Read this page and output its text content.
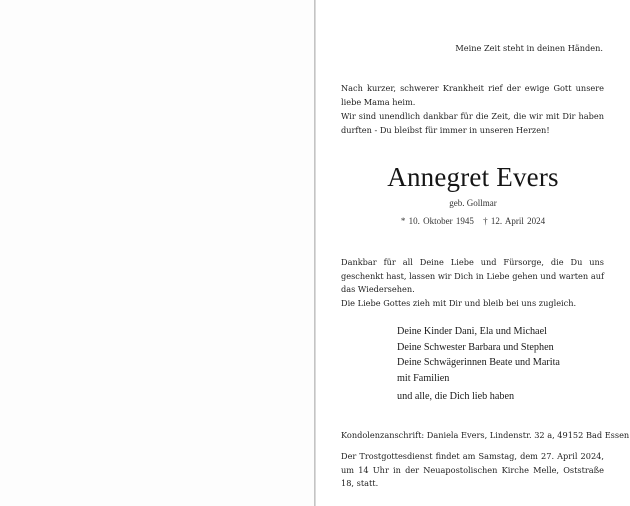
Meine Zeit steht in deinen Händen.
Nach kurzer, schwerer Krankheit rief der ewige Gott unsere liebe Mama heim.
Wir sind unendlich dankbar für die Zeit, die wir mit Dir haben durften - Du bleibst für immer in unseren Herzen!
Annegret Evers
geb. Gollmar
* 10. Oktober 1945 † 12. April 2024
Dankbar für all Deine Liebe und Fürsorge, die Du uns geschenkt hast, lassen wir Dich in Liebe gehen und warten auf das Wiedersehen.
Die Liebe Gottes zieh mit Dir und bleib bei uns zugleich.
Deine Kinder Dani, Ela und Michael
Deine Schwester Barbara und Stephen
Deine Schwägerinnen Beate und Marita
mit Familien
und alle, die Dich lieb haben
Kondolenzanschrift: Daniela Evers, Lindenstr. 32 a, 49152 Bad Essen
Der Trostgottesdienst findet am Samstag, dem 27. April 2024, um 14 Uhr in der Neuapostolischen Kirche Melle, Oststraße 18, statt.
